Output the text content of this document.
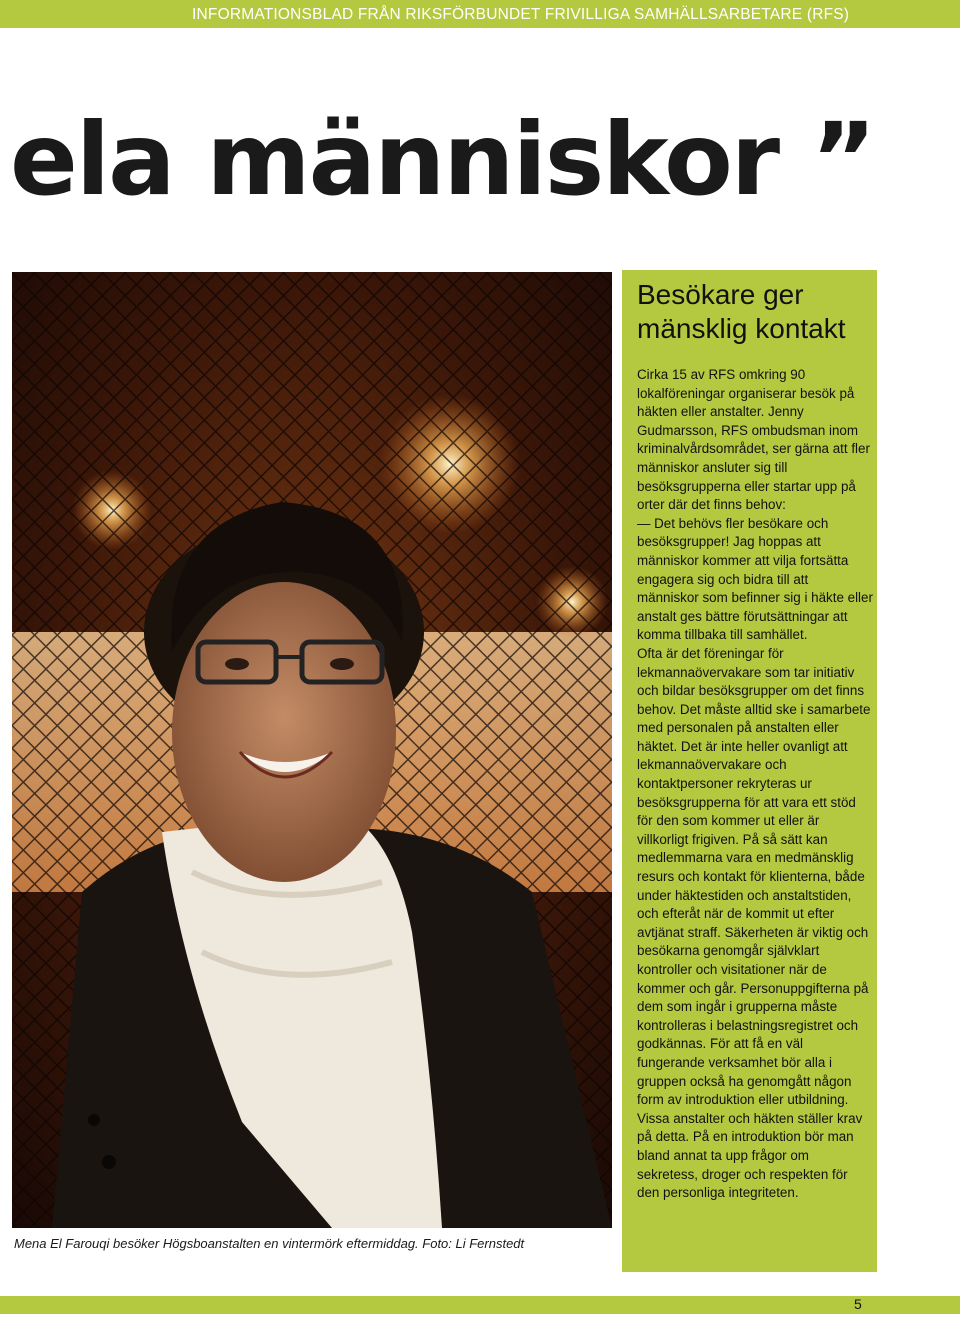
INFORMATIONSBLAD FRÅN RIKSFÖRBUNDET FRIVILLIGA SAMHÄLLSARBETARE (RFS)
ela människor ”
Mena El Farouqi besöker Högsboanstalten en vintermörk eftermiddag. Foto: Li Fernstedt
Besökare ger mänsklig kontakt

Cirka 15 av RFS omkring 90 lokalföreningar organiserar besök på häkten eller anstalter. Jenny Gudmarsson, RFS ombudsman inom kriminalvårdsområdet, ser gärna att fler människor ansluter sig till besöksgrupperna eller startar upp på orter där det finns behov:

— Det behövs fler besökare och besöksgrupper! Jag hoppas att människor kommer att vilja fortsätta engagera sig och bidra till att människor som befinner sig i häkte eller anstalt ges bättre förutsättningar att komma tillbaka till samhället.

Ofta är det föreningar för lekmannaövervakare som tar initiativ och bildar besöksgrupper om det finns behov. Det måste alltid ske i samarbete med personalen på anstalten eller häktet. Det är inte heller ovanligt att lekmannaövervakare och kontaktpersoner rekryteras ur besöksgrupperna för att vara ett stöd för den som kommer ut eller är villkorligt frigiven. På så sätt kan medlemmarna vara en medmänsklig resurs och kontakt för klienterna, både under häktestiden och anstaltstiden, och efteråt när de kommit ut efter avtjänat straff. Säkerheten är viktig och besökarna genomgår självklart kontroller och visitationer när de kommer och går. Personuppgifterna på dem som ingår i grupperna måste kontrolleras i belastningsregistret och godkännas. För att få en väl fungerande verksamhet bör alla i gruppen också ha genomgått någon form av introduktion eller utbildning. Vissa anstalter och häkten ställer krav på detta. På en introduktion bör man bland annat ta upp frågor om sekretess, droger och respekten för den personliga integriteten.

5
